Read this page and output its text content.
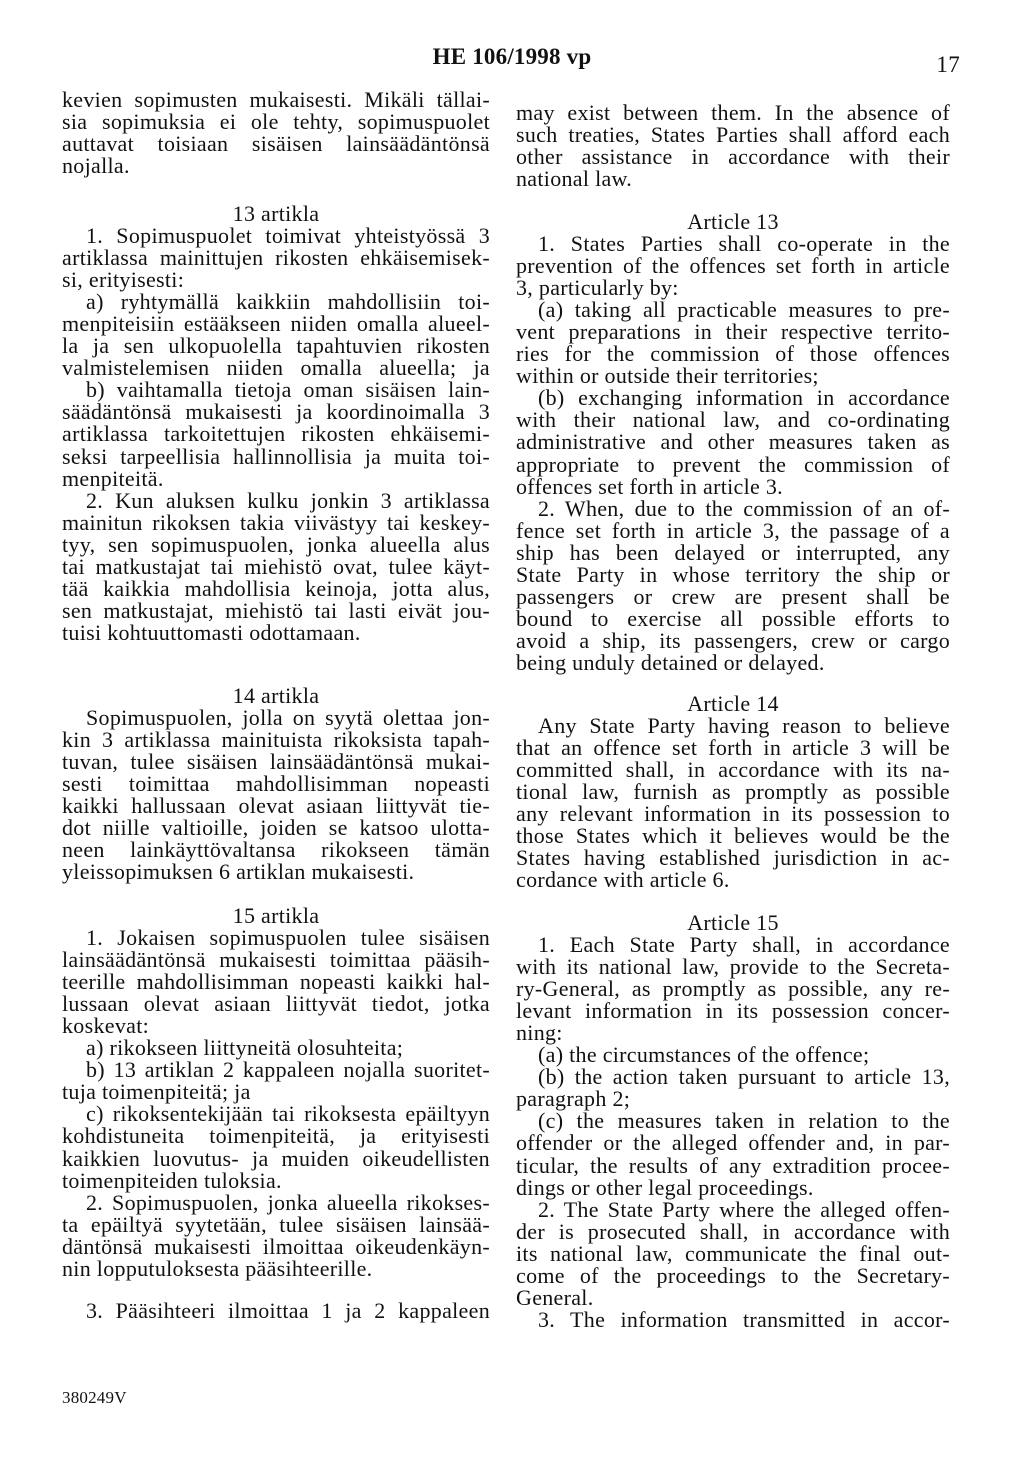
HE 106/1998 vp	17
kevien sopimusten mukaisesti. Mikäli tällai-
sia sopimuksia ei ole tehty, sopimuspuolet
auttavat toisiaan sisäisen lainsäädäntönsä
nojalla.
13 artikla
1. Sopimuspuolet toimivat yhteistyössä 3
artiklassa mainittujen rikosten ehkäisemisek-
si, erityisesti:
a) ryhtymällä kaikkiin mahdollisiin toi-
menpiteisiin estääkseen niiden omalla alueel-
la ja sen ulkopuolella tapahtuvien rikosten
valmistelemisen niiden omalla alueella; ja
b) vaihtamalla tietoja oman sisäisen lain-
säädäntönsä mukaisesti ja koordinoimalla 3
artiklassa tarkoitettujen rikosten ehkäisemi-
seksi tarpeellisia hallinnollisia ja muita toi-
menpiteitä.
2. Kun aluksen kulku jonkin 3 artiklassa
mainitun rikoksen takia viivästyy tai keskey-
tyy, sen sopimuspuolen, jonka alueella alus
tai matkustajat tai miehistö ovat, tulee käyt-
tää kaikkia mahdollisia keinoja, jotta alus,
sen matkustajat, miehistö tai lasti eivät jou-
tuisi kohtuuttomasti odottamaan.
14 artikla
Sopimuspuolen, jolla on syytä olettaa jon-
kin 3 artiklassa mainituista rikoksista tapah-
tuvan, tulee sisäisen lainsäädäntönsä mukai-
sesti toimittaa mahdollisimman nopeasti
kaikki hallussaan olevat asiaan liittyvät tie-
dot niille valtioille, joiden se katsoo ulotta-
neen lainkäyttövaltansa rikokseen tämän
yleissopimuksen 6 artiklan mukaisesti.
15 artikla
1. Jokaisen sopimuspuolen tulee sisäisen
lainsäädäntönsä mukaisesti toimittaa pääsih-
teerille mahdollisimman nopeasti kaikki hal-
lussaan olevat asiaan liittyvät tiedot, jotka
koskevat:
a) rikokseen liittyneitä olosuhteita;
b) 13 artiklan 2 kappaleen nojalla suoritet-
tuja toimenpiteitä; ja
c) rikoksentekijään tai rikoksesta epäiltyyn
kohdistuneita toimenpiteitä, ja erityisesti
kaikkien luovutus- ja muiden oikeudellisten
toimenpiteiden tuloksia.
2. Sopimuspuolen, jonka alueella rikokses-
ta epäiltyä syytetään, tulee sisäisen lainsää-
däntönsä mukaisesti ilmoittaa oikeudenkäyn-
nin lopputuloksesta pääsihteerille.
3. Pääsihteeri ilmoittaa 1 ja 2 kappaleen
may exist between them. In the absence of
such treaties, States Parties shall afford each
other assistance in accordance with their
national law.
Article 13
1. States Parties shall co-operate in the
prevention of the offences set forth in article
3, particularly by:
(a) taking all practicable measures to pre-
vent preparations in their respective territo-
ries for the commission of those offences
within or outside their territories;
(b) exchanging information in accordance
with their national law, and co-ordinating
administrative and other measures taken as
appropriate to prevent the commission of
offences set forth in article 3.
2. When, due to the commission of an of-
fence set forth in article 3, the passage of a
ship has been delayed or interrupted, any
State Party in whose territory the ship or
passengers or crew are present shall be
bound to exercise all possible efforts to
avoid a ship, its passengers, crew or cargo
being unduly detained or delayed.
Article 14
Any State Party having reason to believe
that an offence set forth in article 3 will be
committed shall, in accordance with its na-
tional law, furnish as promptly as possible
any relevant information in its possession to
those States which it believes would be the
States having established jurisdiction in ac-
cordance with article 6.
Article 15
1. Each State Party shall, in accordance
with its national law, provide to the Secreta-
ry-General, as promptly as possible, any re-
levant information in its possession concer-
ning:
(a) the circumstances of the offence;
(b) the action taken pursuant to article 13,
paragraph 2;
(c) the measures taken in relation to the
offender or the alleged offender and, in par-
ticular, the results of any extradition procee-
dings or other legal proceedings.
2. The State Party where the alleged offen-
der is prosecuted shall, in accordance with
its national law, communicate the final out-
come of the proceedings to the Secretary-
General.
3. The information transmitted in accor-
380249V
